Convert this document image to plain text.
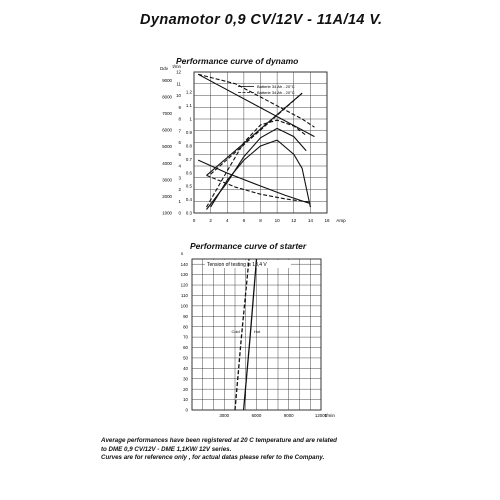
Dynamotor 0,9 CV/12V - 11A/14 V.
Performance curve of dynamo
Performance curve of starter
0	2	4	6	8	10	12	14	16 Amp
0
1
2
3
4
5
6
7
8
9
10
11
12
t/mn
1000
2000
3000
4000
5000
6000
7000
8000
9000
Ddv
0.3
0.4
0.5
0.6
0.7
0.8
0.9
1
1.1
1.2
Batterie 34 Ah - 20°C
Batterie 34 Ah - 20°C
3000	6000	9000	12000
t/min
0
10
20
30
40
50
60
70
80
90
100
110
120
130
140
s
Tension of testing is 13,4 V
Cold	Hot
Average performances have been registered at 20 C temperature and are related
to DME 0,9 CV/12V - DME 1,1KW/ 12V series.
Curves are for reference only , for actual datas please refer to the Company.
